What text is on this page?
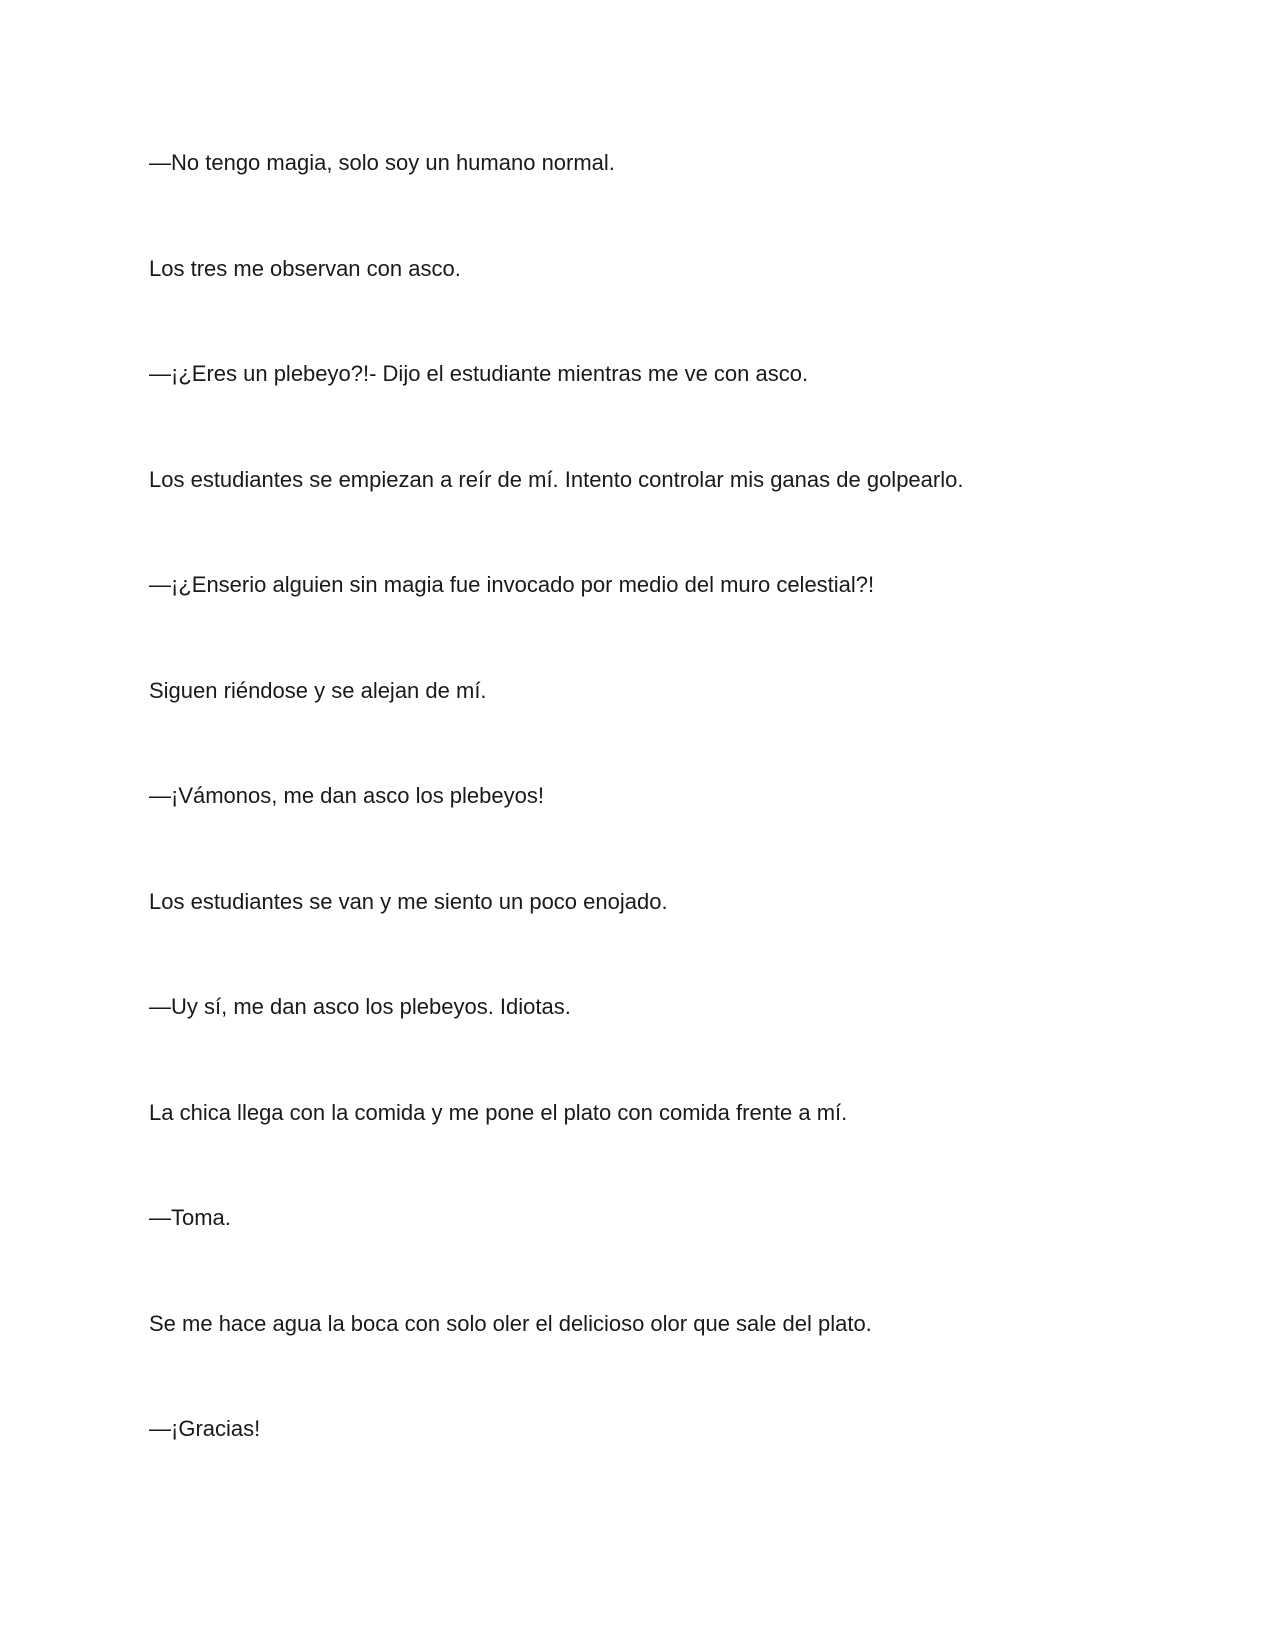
—No tengo magia, solo soy un humano normal.

Los tres me observan con asco.

—¡¿Eres un plebeyo?!- Dijo el estudiante mientras me ve con asco.

Los estudiantes se empiezan a reír de mí. Intento controlar mis ganas de golpearlo.

—¡¿Enserio alguien sin magia fue invocado por medio del muro celestial?!

Siguen riéndose y se alejan de mí.

—¡Vámonos, me dan asco los plebeyos!

Los estudiantes se van y me siento un poco enojado.

—Uy sí, me dan asco los plebeyos. Idiotas.

La chica llega con la comida y me pone el plato con comida frente a mí.

—Toma.

Se me hace agua la boca con solo oler el delicioso olor que sale del plato.

—¡Gracias!
